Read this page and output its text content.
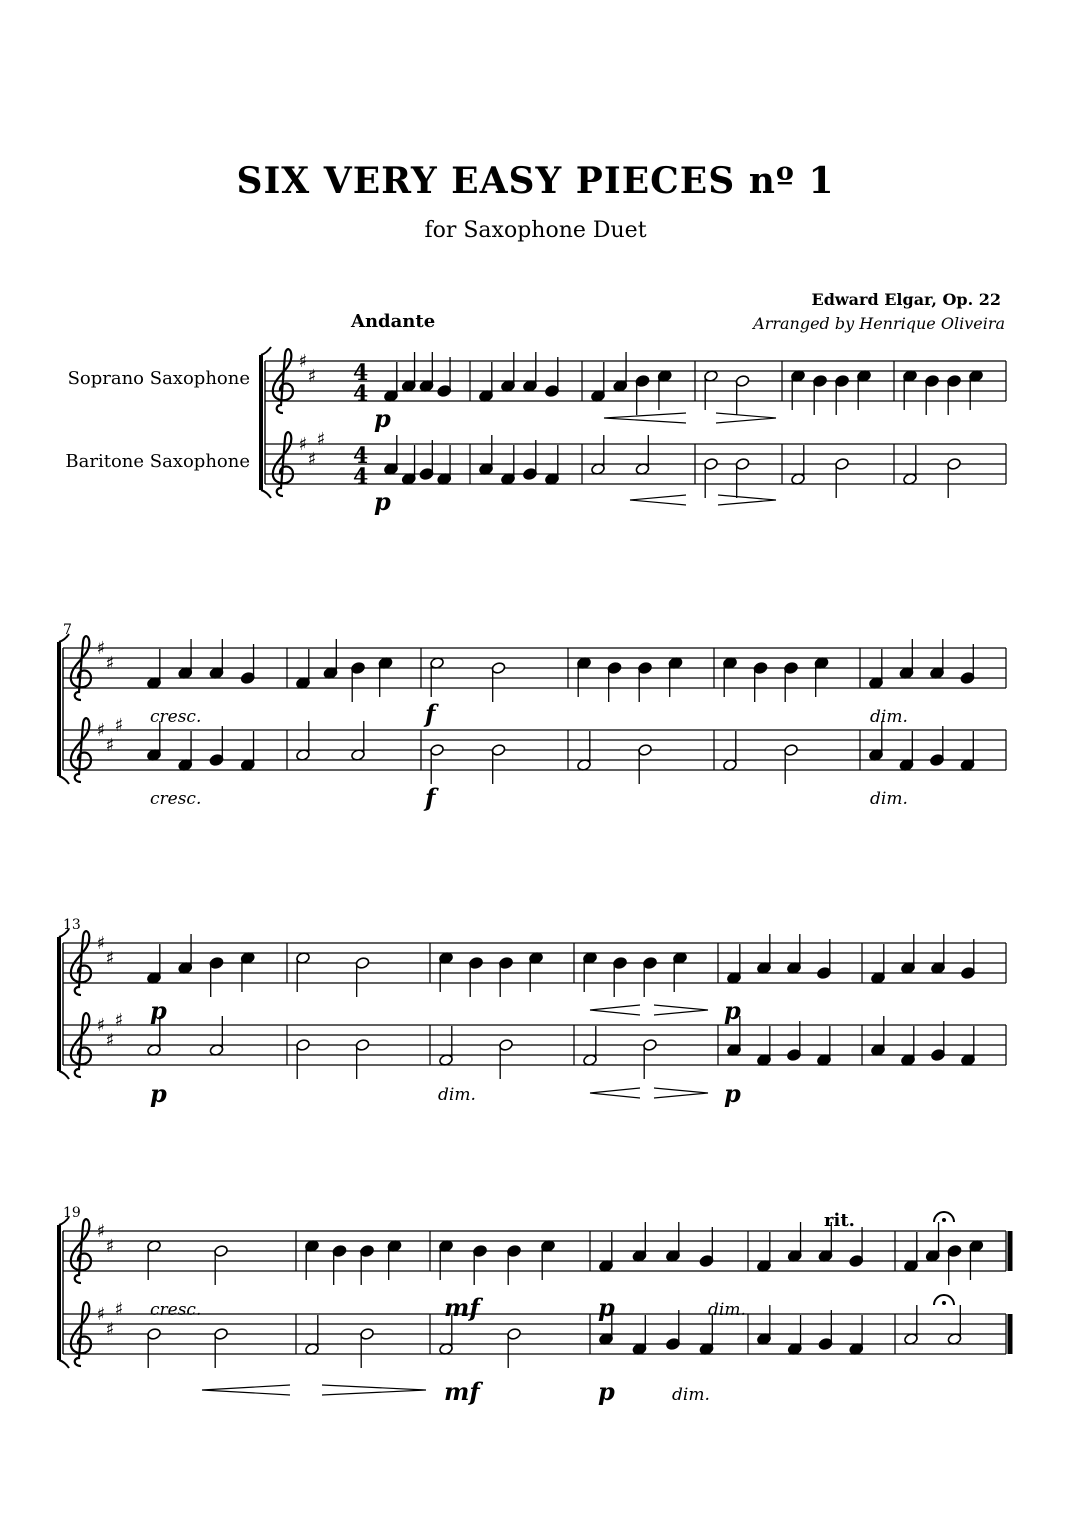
SIX VERY EASY PIECES nº 1
for Saxophone Duet
Edward Elgar, Op. 22
Arranged by Henrique Oliveira
Andante
Soprano Saxophone
Baritone Saxophone
♯
♯ 4
4
♯
♯
♯
4
4
7
♯
♯
♯
♯
♯
13
♯
♯
♯
♯
♯
19
♯
♯
♯
♯
♯
p
p
cresc.
cresc.
f
f
dim.
dim.
p
p	dim.
p
p
cresc.	mf
mf
p
p
dim.
dim.
rit.
